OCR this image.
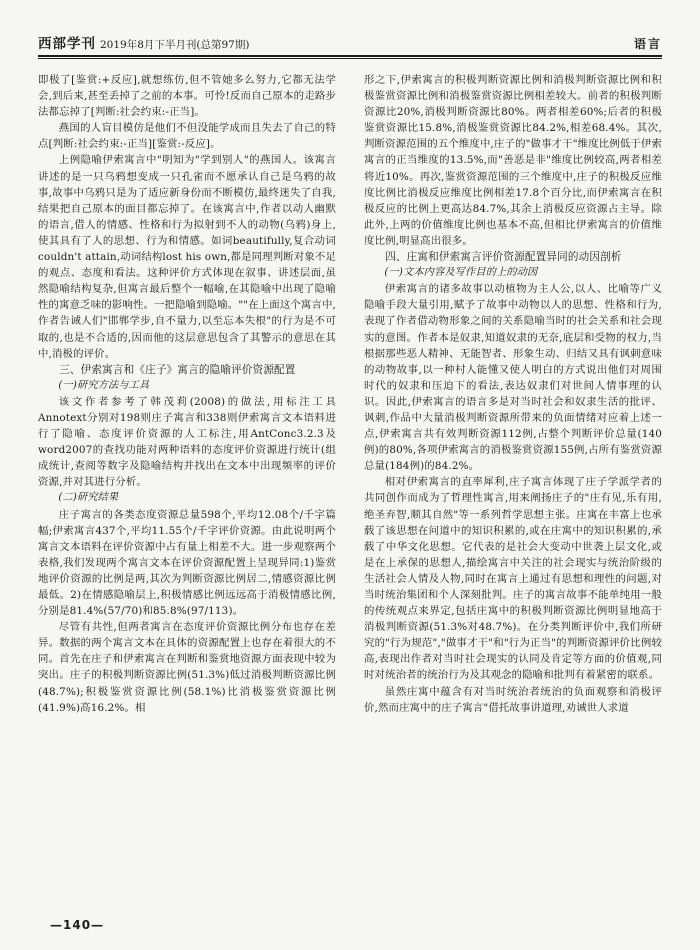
西部学刊 2019年8月下半月刊(总第97期)	语言

即极了[鉴赏:+反应],就想练仿,但不管她多么努力,它都无法学会,到后来,甚至丢掉了之前的本事。可怜!反而自己原本的走路步法都忘掉了[判断:社会约束:-正当]。

燕国的人盲目模仿是他们不但没能学成而且失去了自己的特点[判断:社会约束:-正当][鉴赏:-反应]。

上例隐喻伊索寓言中"明知为"学到别人"的燕国人。该寓言讲述的是一只乌鸦想变成一只孔雀而不愿承认自己是乌鸦的故事,故事中乌鸦只是为了适应新身份而不断模仿,最终迷失了自我,结果把自己原本的面目都忘掉了。在该寓言中,作者以动人幽默的语言,借人的情感、性格和行为拟射到不人的动物(乌鸦)身上,使其具有了人的思想、行为和情感。如词beautifully,复合动词couldn't attain,动词结构lost his own,都是同理判断对象不足的观点、态度和看法。这种评价方式体现在叙事、讲述层面,虽然隐喻结构复杂,但寓言最后整个一幅喻,在其隐喻中出现了隐喻性的寓意乏味的影响性。一把隐喻到隐喻。""在上面这个寓言中,作者告诫人们"邯郸学步,自不量力,以至忘本失根"的行为是不可取的,也是不合适的,因而他的这层意思包含了其警示的意思在其中,消极的评价。

三、伊索寓言和《庄子》寓言的隐喻评价资源配置
(一)研究方法与工具

该文作者参考了韩茂莉(2008)的做法,用标注工具Annotext分别对198则庄子寓言和338则伊索寓言文本语料进行了隐喻、态度评价资源的人工标注,用AntConc3.2.3及word2007的查找功能对两种语料的态度评价资源进行统计(组成统计,查阅等数字及隐喻结构并找出在文本中出现频率的评价资源,并对其进行分析。

(二)研究结果

庄子寓言的各类态度资源总量598个,平均12.08个/千字篇幅;伊索寓言437个,平均11.55个/千字评价资源。由此说明两个寓言文本语料在评价资源中占有量上相差不大。进一步观察两个表格,我们发现两个寓言文本在评价资源配置上呈现异同:1)鉴赏地评价资源的比例是两,其次为判断资源比例居二,情感资源比例最低。2)在情感隐喻层上,积极情感比例远远高于消极情感比例,分别是81.4%(57/70)和85.8%(97/113)。

尽管有共性,但两者寓言在态度评价资源比例分布也存在差异。数据的两个寓言文本在具体的资源配置上也存在着很大的不同。首先在庄子和伊索寓言在判断和鉴赏地资源方面表现中较为突出。庄子的积极判断资源比例(51.3%)低过消极判断资源比例(48.7%);积极鉴赏资源比例(58.1%)比消极鉴赏资源比例(41.9%)高16.2%。相

形之下,伊索寓言的积极判断资源比例和消极判断资源比例和积极鉴赏资源比例和消极鉴赏资源比例相差较大。前者的积极判断资源比20%,消极判断资源比80%。两者相差60%;后者的积极鉴赏资源比15.8%,消极鉴赏资源比84.2%,相差68.4%。其次,判断资源范围的五个维度中,庄子的"做事才干"维度比例低于伊索寓言的正当维度的13.5%,而"善恶是非"维度比例较高,两者相差将近10%。再次,鉴赏资源范围的三个维度中,庄子的积极反应维度比例比消极反应维度比例相差17.8个百分比,而伊索寓言在积极反应的比例上更高达84.7%,其余上消极反应资源占主导。除此外,上两的价值维度比例也基本不高,但相比伊索寓言的价值维度比例,明显高出很多。

四、庄寓和伊索寓言评价资源配置异同的动因剖析
(一)文本内容及写作目的上的动因

伊索寓言的诸多故事以动植物为主人公,以人、比喻等广义隐喻手段大量引用,赋予了故事中动物以人的思想、性格和行为,表现了作者借动物形象之间的关系隐喻当时的社会关系和社会现实的意图。作者本是奴隶,知道奴隶的无奈,底层和受物的权力,当根据那些恶人精神、无能智者、形象生动、归结又具有讽刺意味的动物故事,以一种村人能懂又使人明白的方式说出他们对周围时代的奴隶和压迫下的看法,表达奴隶们对世间人情事理的认识。因此,伊索寓言的语言多是对当时社会和奴隶生活的批评、讽刺,作品中大量消极判断资源所带来的负面情绪对应着上述一点,伊索寓言共有效判断资源112例,占整个判断评价总量(140例)的80%,各项伊索寓言的消极鉴赏资源155例,占所有鉴赏资源总量(184例)的84.2%。

相对伊索寓言的直率犀利,庄子寓言体现了庄子学派学者的共同创作而成为了哲理性寓言,用来阐扬庄子的"庄有见,乐有用,绝圣弃智,顺其自然"等一系列哲学思想主张。庄寓在丰富上也承载了该思想在问道中的知识积累的,或在庄寓中的知识积累的,承载了中华文化思想。它代表的是社会大变动中世袭上层文化,或是在上承保的思想人,描绘寓言中关注的社会现实与统治阶级的生活社会人情及人物,同时在寓言上通过有思想和理性的问题,对当时统治集团和个人深刻批判。庄子的寓言故事不能单纯用一般的传统观点来界定,包括庄寓中的积极判断资源比例明显地高于消极判断资源(51.3%对48.7%)。在分类判断评价中,我们所研究的"行为规范","做事才干"和"行为正当"的判断资源评价比例较高,表现出作者对当时社会现实的认同及肯定等方面的价值观,同时对统治者的统治行为及其观念的隐喻和批判有着紧密的联系。

虽然庄寓中蕴含有对当时统治者统治的负面观察和消极评价,然而庄寓中的庄子寓言"借托故事讲道理,劝诫世人求道

—140—
